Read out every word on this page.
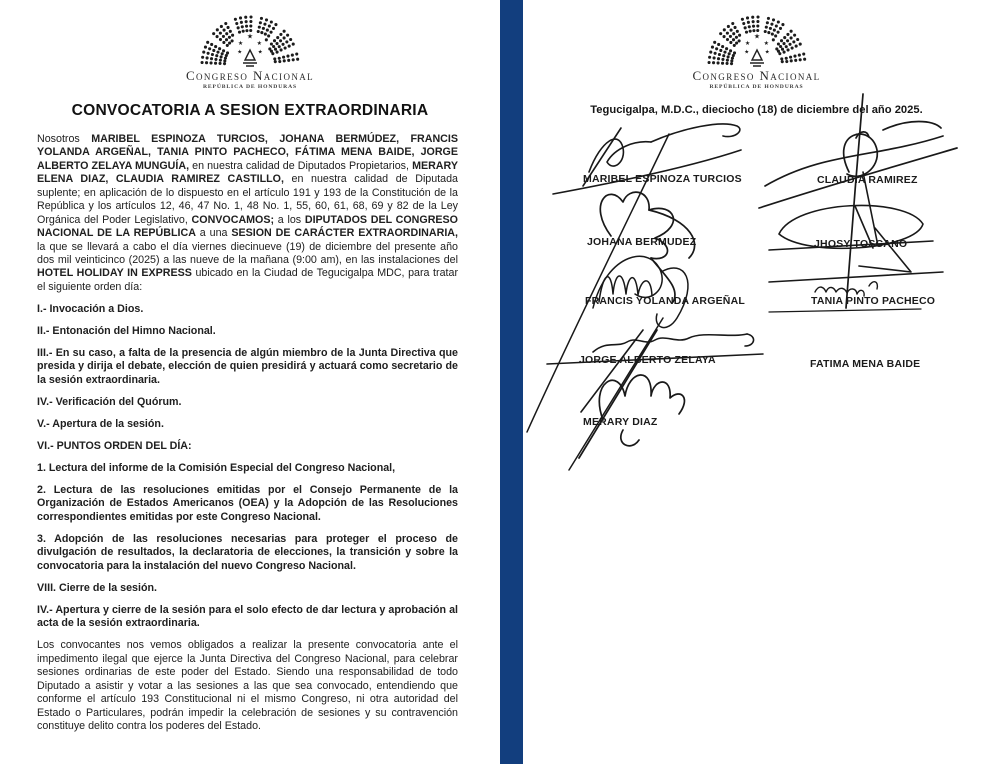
★
★ ★
★	★
Congreso Nacional
REPÚBLICA DE HONDURAS
CONVOCATORIA A SESION EXTRAORDINARIA

Nosotros MARIBEL ESPINOZA TURCIOS, JOHANA BERMÚDEZ, FRANCIS YOLANDA ARGEÑAL, TANIA PINTO PACHECO, FÁTIMA MENA BAIDE, JORGE ALBERTO ZELAYA MUNGUÍA, en nuestra calidad de Diputados Propietarios, MERARY ELENA DIAZ, CLAUDIA RAMIREZ CASTILLO, en nuestra calidad de Diputada suplente; en aplicación de lo dispuesto en el artículo 191 y 193 de la Constitución de la República y los artículos 12, 46, 47 No. 1, 48 No. 1, 55, 60, 61, 68, 69 y 82 de la Ley Orgánica del Poder Legislativo, CONVOCAMOS; a los DIPUTADOS DEL CONGRESO NACIONAL DE LA REPÚBLICA a una SESION DE CARÁCTER EXTRAORDINARIA, la que se llevará a cabo el día viernes diecinueve (19) de diciembre del presente año dos mil veinticinco (2025) a las nueve de la mañana (9:00 am), en las instalaciones del HOTEL HOLIDAY IN EXPRESS ubicado en la Ciudad de Tegucigalpa MDC, para tratar el siguiente orden día:

I.- Invocación a Dios.

II.- Entonación del Himno Nacional.

III.- En su caso, a falta de la presencia de algún miembro de la Junta Directiva que presida y dirija el debate, elección de quien presidirá y actuará como secretario de la sesión extraordinaria.

IV.- Verificación del Quórum.

V.- Apertura de la sesión.

VI.- PUNTOS ORDEN DEL DÍA:

1. Lectura del informe de la Comisión Especial del Congreso Nacional,

2. Lectura de las resoluciones emitidas por el Consejo Permanente de la Organización de Estados Americanos (OEA) y la Adopción de las Resoluciones correspondientes emitidas por este Congreso Nacional.

3. Adopción de las resoluciones necesarias para proteger el proceso de divulgación de resultados, la declaratoria de elecciones, la transición y sobre la convocatoria para la instalación del nuevo Congreso Nacional.

VIII. Cierre de la sesión.

IV.- Apertura y cierre de la sesión para el solo efecto de dar lectura y aprobación al acta de la sesión extraordinaria.

Los convocantes nos vemos obligados a realizar la presente convocatoria ante el impedimento ilegal que ejerce la Junta Directiva del Congreso Nacional, para celebrar sesiones ordinarias de este poder del Estado. Siendo una responsabilidad de todo Diputado a asistir y votar a las sesiones a las que sea convocado, entendiendo que conforme el artículo 193 Constitucional ni el mismo Congreso, ni otra autoridad del Estado o Particulares, podrán impedir la celebración de sesiones y su contravención constituye delito contra los poderes del Estado.

★
★ ★
★	★
Congreso Nacional
REPÚBLICA DE HONDURAS
Tegucigalpa, M.D.C., dieciocho (18) de diciembre del año 2025.
MARIBEL ESPINOZA TURCIOS
JOHANA BERMUDEZ
FRANCIS YOLANDA ARGEÑAL
JORGE ALBERTO ZELAYA
MERARY DIAZ
CLAUDIA RAMIREZ
JHOSY TOSCANO
TANIA PINTO PACHECO
FATIMA MENA BAIDE
